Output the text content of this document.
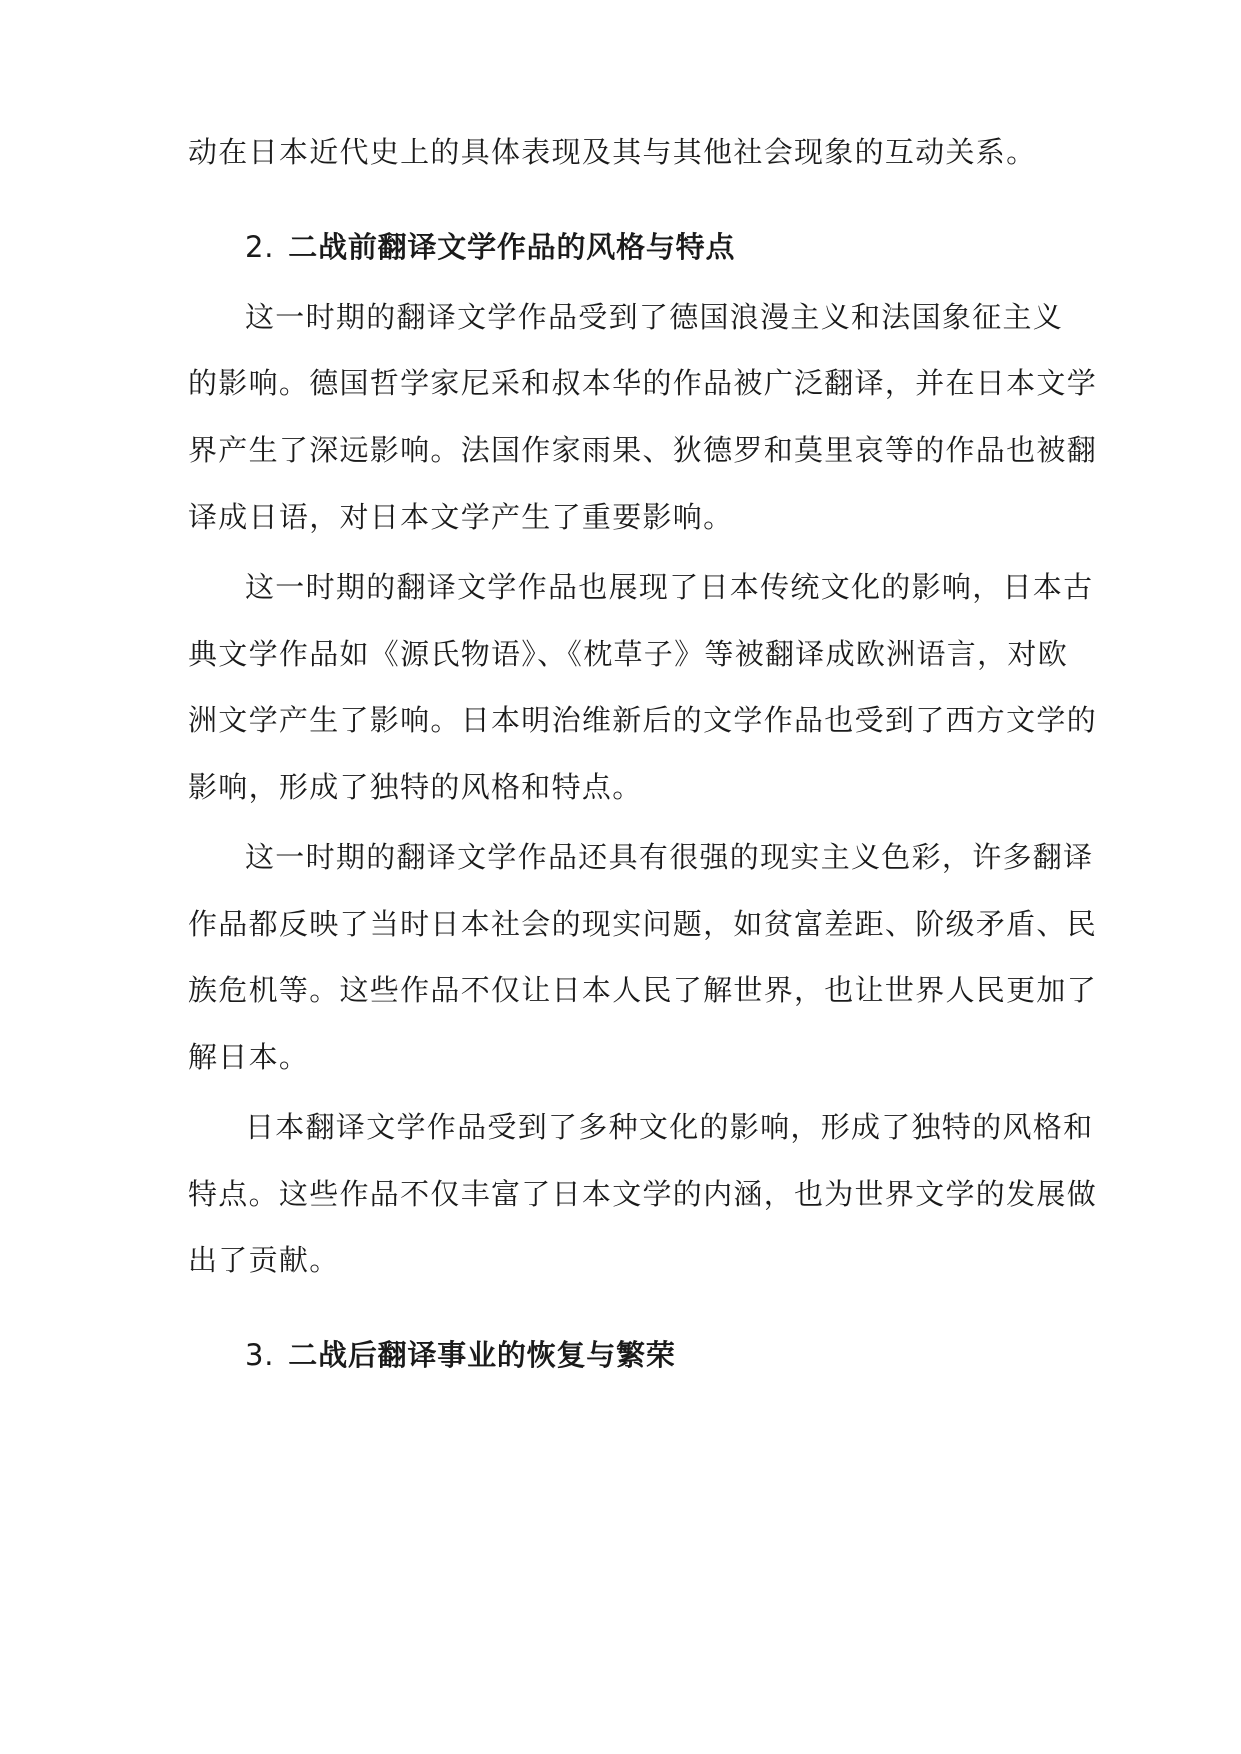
动在日本近代史上的具体表现及其与其他社会现象的互动关系。
2. 二战前翻译文学作品的风格与特点
这一时期的翻译文学作品受到了德国浪漫主义和法国象征主义
的影响。德国哲学家尼采和叔本华的作品被广泛翻译，并在日本文学
界产生了深远影响。法国作家雨果、狄德罗和莫里哀等的作品也被翻
译成日语，对日本文学产生了重要影响。
这一时期的翻译文学作品也展现了日本传统文化的影响，日本古
典文学作品如《源氏物语》、《枕草子》等被翻译成欧洲语言，对欧
洲文学产生了影响。日本明治维新后的文学作品也受到了西方文学的
影响，形成了独特的风格和特点。
这一时期的翻译文学作品还具有很强的现实主义色彩，许多翻译
作品都反映了当时日本社会的现实问题，如贫富差距、阶级矛盾、民
族危机等。这些作品不仅让日本人民了解世界，也让世界人民更加了
解日本。
日本翻译文学作品受到了多种文化的影响，形成了独特的风格和
特点。这些作品不仅丰富了日本文学的内涵，也为世界文学的发展做
出了贡献。
3. 二战后翻译事业的恢复与繁荣
